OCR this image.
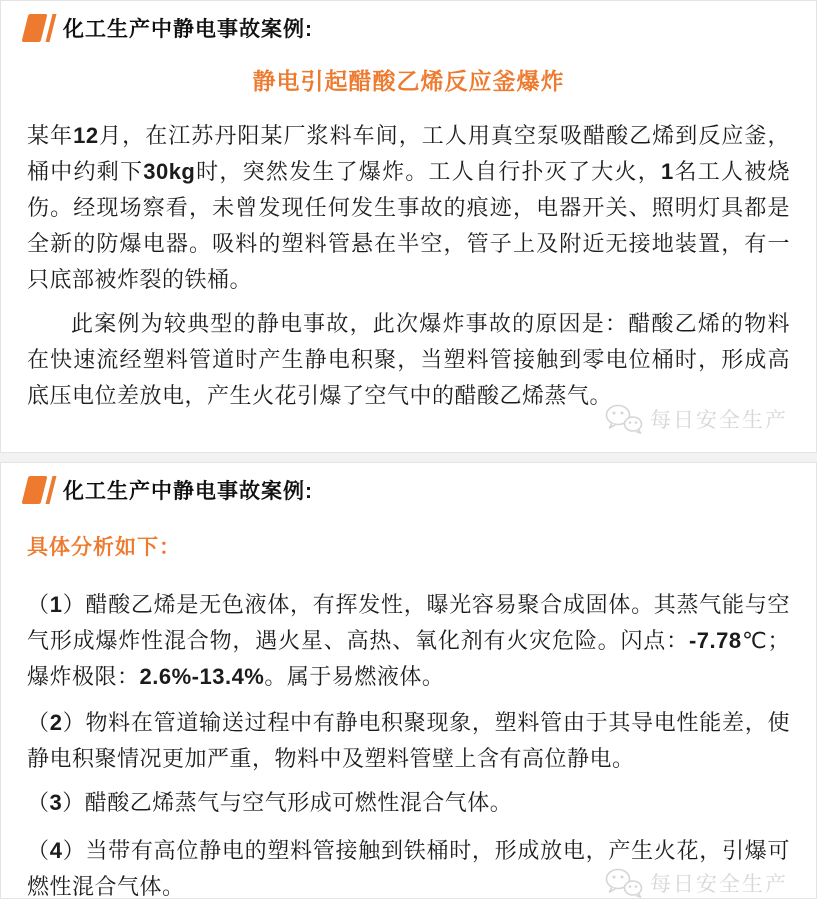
化工生产中静电事故案例:
静电引起醋酸乙烯反应釜爆炸

某年12月，在江苏丹阳某厂浆料车间，工人用真空泵吸醋酸乙烯到反应釜，桶中约剩下30kg时，突然发生了爆炸。工人自行扑灭了大火，1名工人被烧伤。经现场察看，未曾发现任何发生事故的痕迹，电器开关、照明灯具都是全新的防爆电器。吸料的塑料管悬在半空，管子上及附近无接地装置，有一只底部被炸裂的铁桶。

此案例为较典型的静电事故，此次爆炸事故的原因是：醋酸乙烯的物料在快速流经塑料管道时产生静电积聚，当塑料管接触到零电位桶时，形成高底压电位差放电，产生火花引爆了空气中的醋酸乙烯蒸气。

每日安全生产
化工生产中静电事故案例:
具体分析如下：

（1）醋酸乙烯是无色液体，有挥发性，曝光容易聚合成固体。其蒸气能与空气形成爆炸性混合物，遇火星、高热、氧化剂有火灾危险。闪点：-7.78℃；爆炸极限：2.6%-13.4%。属于易燃液体。

（2）物料在管道输送过程中有静电积聚现象，塑料管由于其导电性能差，使静电积聚情况更加严重，物料中及塑料管壁上含有高位静电。

（3）醋酸乙烯蒸气与空气形成可燃性混合气体。

（4）当带有高位静电的塑料管接触到铁桶时，形成放电，产生火花，引爆可燃性混合气体。	每日安全生产
